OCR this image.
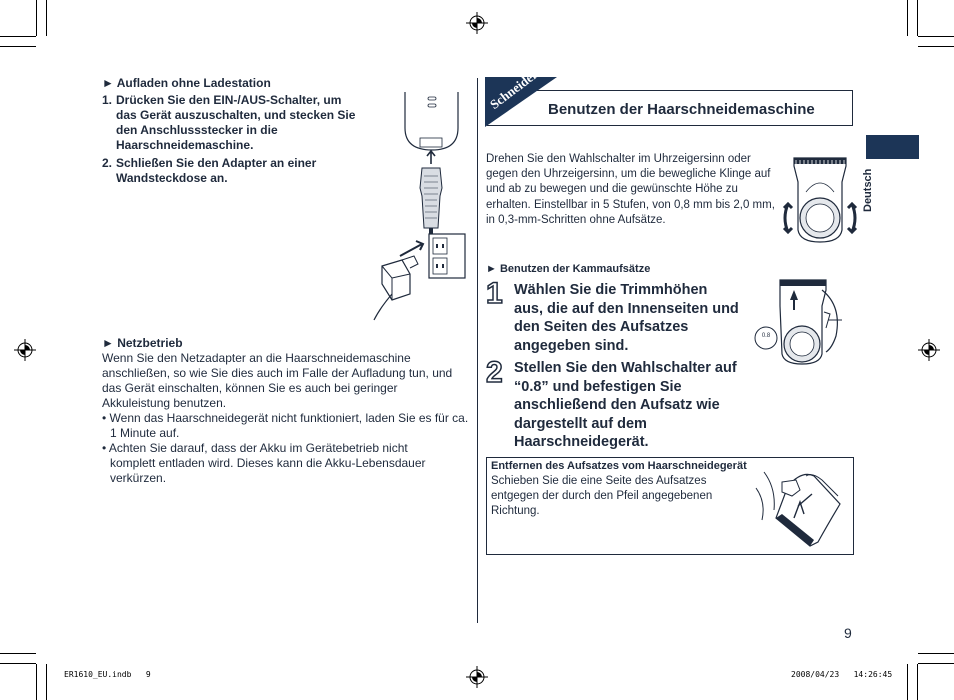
► Aufladen ohne Ladestation
1. Drücken Sie den EIN-/AUS-Schalter, um das Gerät auszuschalten, und stecken Sie den Anschlussstecker in die Haarschneidemaschine.
2. Schließen Sie den Adapter an einer Wandsteckdose an.
► Netzbetrieb
Wenn Sie den Netzadapter an die Haarschneidemaschine anschließen, so wie Sie dies auch im Falle der Aufladung tun, und das Gerät einschalten, können Sie es auch bei geringer Akkuleistung benutzen.
• Wenn das Haarschneidegerät nicht funktioniert, laden Sie es für ca. 1 Minute auf.
• Achten Sie darauf, dass der Akku im Gerätebetrieb nicht komplett entladen wird. Dieses kann die Akku-Lebensdauer verkürzen.
Schneiden Benutzen der Haarschneidemaschine
Deutsch
Drehen Sie den Wahlschalter im Uhrzeigersinn oder gegen den Uhrzeigersinn, um die bewegliche Klinge auf und ab zu bewegen und die gewünschte Höhe zu erhalten. Einstellbar in 5 Stufen, von 0,8 mm bis 2,0 mm, in 0,3-mm-Schritten ohne Aufsätze.
► Benutzen der Kammaufsätze
1 Wählen Sie die Trimmhöhen aus, die auf den Innenseiten und den Seiten des Aufsatzes angegeben sind.
2 Stellen Sie den Wahlschalter auf “0.8” und befestigen Sie anschließend den Aufsatz wie dargestellt auf dem Haarschneidegerät.
0.8
Entfernen des Aufsatzes vom Haarschneidegerät
Schieben Sie die eine Seite des Aufsatzes entgegen der durch den Pfeil angegebenen Richtung.
9
ER1610_EU.indb   9	2008/04/23   14:26:45
